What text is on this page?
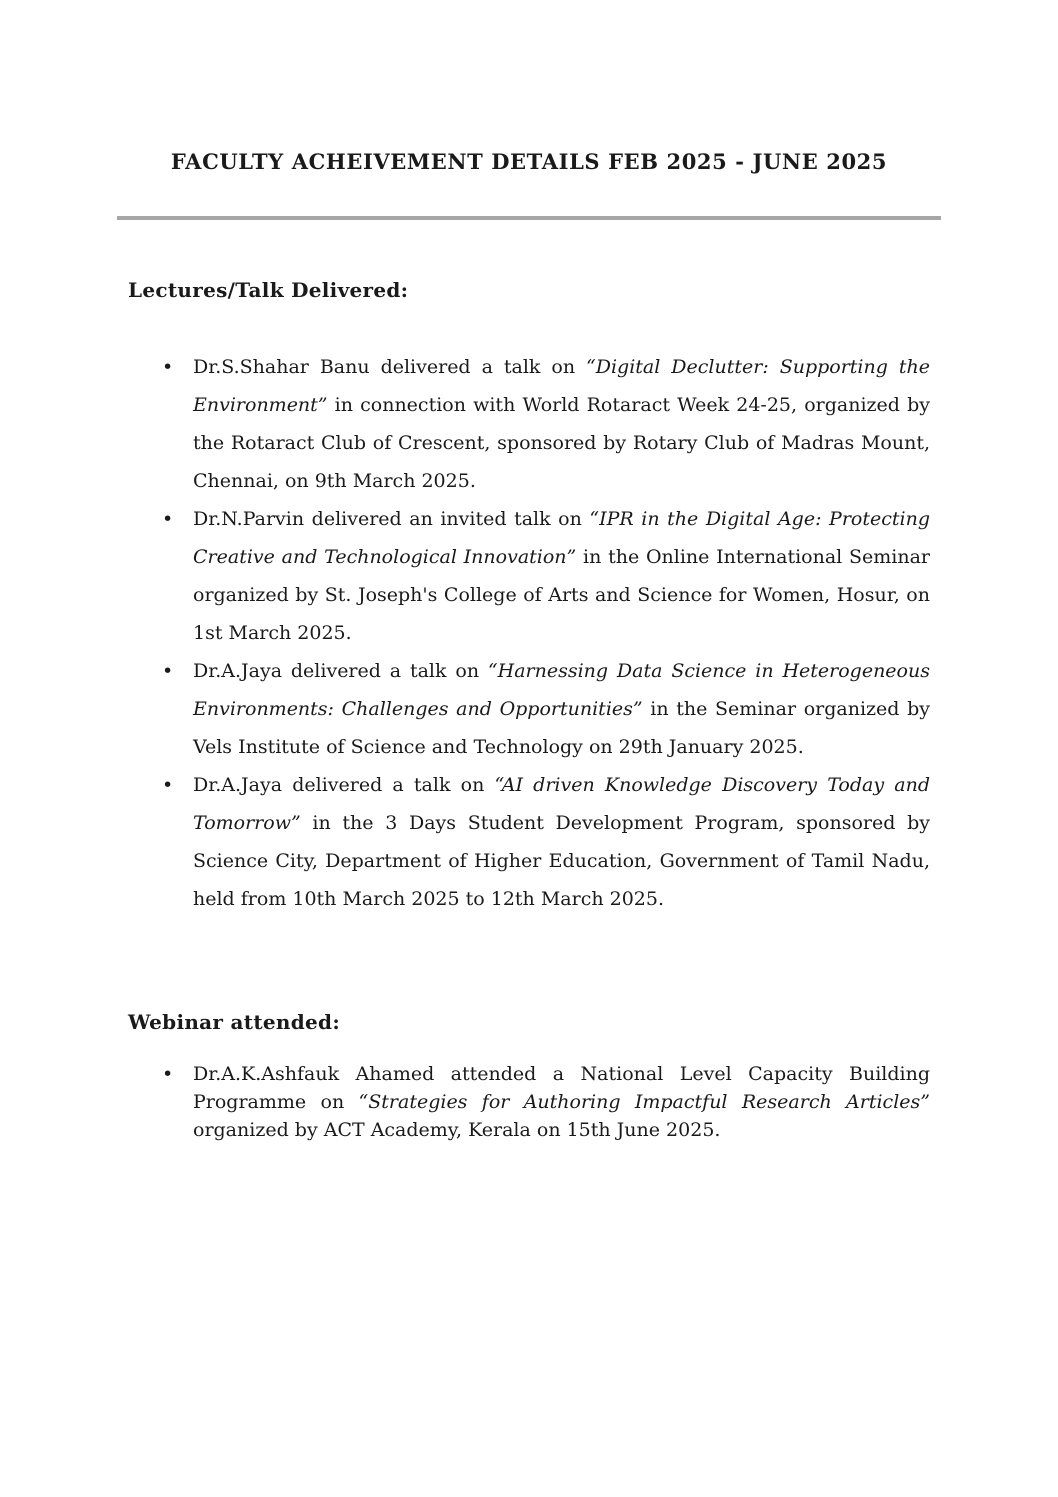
FACULTY ACHEIVEMENT DETAILS FEB 2025 - JUNE 2025
Lectures/Talk Delivered:
• Dr.S.Shahar Banu delivered a talk on “Digital Declutter: Supporting the Environment” in connection with World Rotaract Week 24-25, organized by the Rotaract Club of Crescent, sponsored by Rotary Club of Madras Mount, Chennai, on 9th March 2025.
• Dr.N.Parvin delivered an invited talk on “IPR in the Digital Age: Protecting Creative and Technological Innovation” in the Online International Seminar organized by St. Joseph's College of Arts and Science for Women, Hosur, on 1st March 2025.
• Dr.A.Jaya delivered a talk on “Harnessing Data Science in Heterogeneous Environments: Challenges and Opportunities” in the Seminar organized by Vels Institute of Science and Technology on 29th January 2025.
• Dr.A.Jaya delivered a talk on “AI driven Knowledge Discovery Today and Tomorrow” in the 3 Days Student Development Program, sponsored by Science City, Department of Higher Education, Government of Tamil Nadu, held from 10th March 2025 to 12th March 2025.
Webinar attended:
• Dr.A.K.Ashfauk Ahamed attended a National Level Capacity Building Programme on “Strategies for Authoring Impactful Research Articles” organized by ACT Academy, Kerala on 15th June 2025.
